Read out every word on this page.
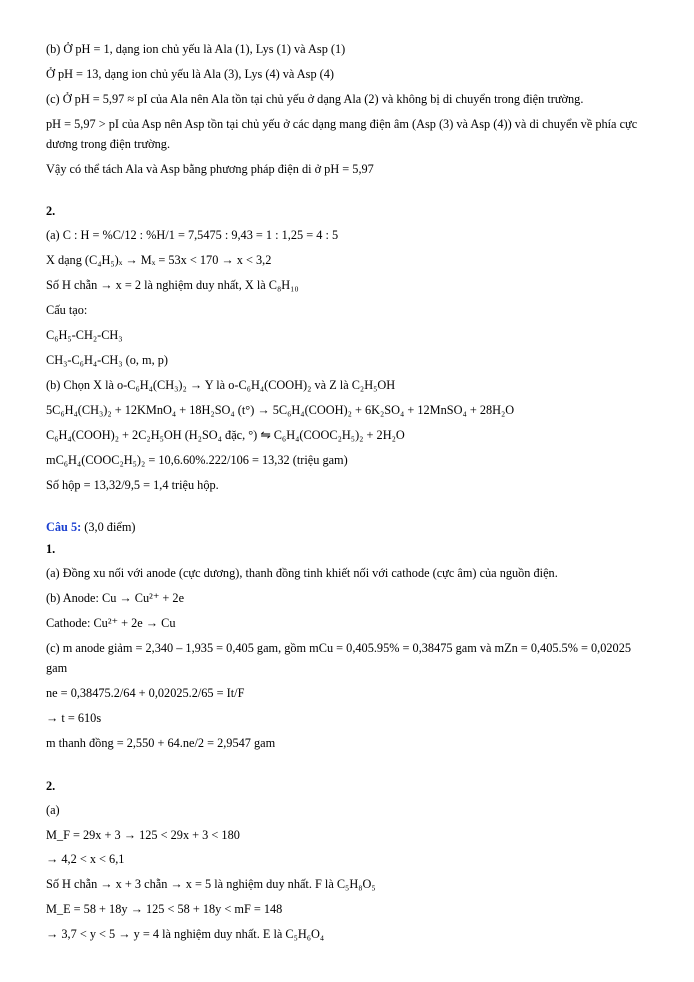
(b) Ở pH = 1, dạng ion chủ yếu là Ala (1), Lys (1) và Asp (1)

Ở pH = 13, dạng ion chủ yếu là Ala (3), Lys (4) và Asp (4)

(c) Ở pH = 5,97 ≈ pI của Ala nên Ala tồn tại chủ yếu ở dạng Ala (2) và không bị di chuyển trong điện trường.

pH = 5,97 > pI của Asp nên Asp tồn tại chủ yếu ở các dạng mang điện âm (Asp (3) và Asp (4)) và di chuyển về phía cực dương trong điện trường.

Vậy có thể tách Ala và Asp bằng phương pháp điện di ở pH = 5,97

2.

(a) C : H = %C/12 : %H/1 = 7,5475 : 9,43 = 1 : 1,25 = 4 : 5

X dạng (C₄H₅)ₓ → Mₓ = 53x < 170 → x < 3,2

Số H chẵn → x = 2 là nghiệm duy nhất, X là C₈H₁₀

Cấu tạo:

C₆H₅-CH₂-CH₃

CH₃-C₆H₄-CH₃ (o, m, p)

(b) Chọn X là o-C₆H₄(CH₃)₂ → Y là o-C₆H₄(COOH)₂ và Z là C₂H₅OH

5C₆H₄(CH₃)₂ + 12KMnO₄ + 18H₂SO₄ (t°) → 5C₆H₄(COOH)₂ + 6K₂SO₄ + 12MnSO₄ + 28H₂O

C₆H₄(COOH)₂ + 2C₂H₅OH (H₂SO₄ đặc, °) ⇋ C₆H₄(COOC₂H₅)₂ + 2H₂O

mC₆H₄(COOC₂H₅)₂ = 10,6.60%.222/106 = 13,32 (triệu gam)

Số hộp = 13,32/9,5 = 1,4 triệu hộp.

Câu 5: (3,0 điểm)

1.

(a) Đồng xu nối với anode (cực dương), thanh đồng tinh khiết nối với cathode (cực âm) của nguồn điện.

(b) Anode: Cu → Cu²⁺ + 2e

Cathode: Cu²⁺ + 2e → Cu

(c) m anode giảm = 2,340 – 1,935 = 0,405 gam, gồm mCu = 0,405.95% = 0,38475 gam và mZn = 0,405.5% = 0,02025 gam

ne = 0,38475.2/64 + 0,02025.2/65 = It/F

→ t = 610s

m thanh đồng = 2,550 + 64.ne/2 = 2,9547 gam

2.

(a)

M_F = 29x + 3 → 125 < 29x + 3 < 180

→ 4,2 < x < 6,1

Số H chẵn → x + 3 chẵn → x = 5 là nghiệm duy nhất. F là C₅H₈O₅

M_E = 58 + 18y → 125 < 58 + 18y < mF = 148

→ 3,7 < y < 5 → y = 4 là nghiệm duy nhất. E là C₅H₆O₄
